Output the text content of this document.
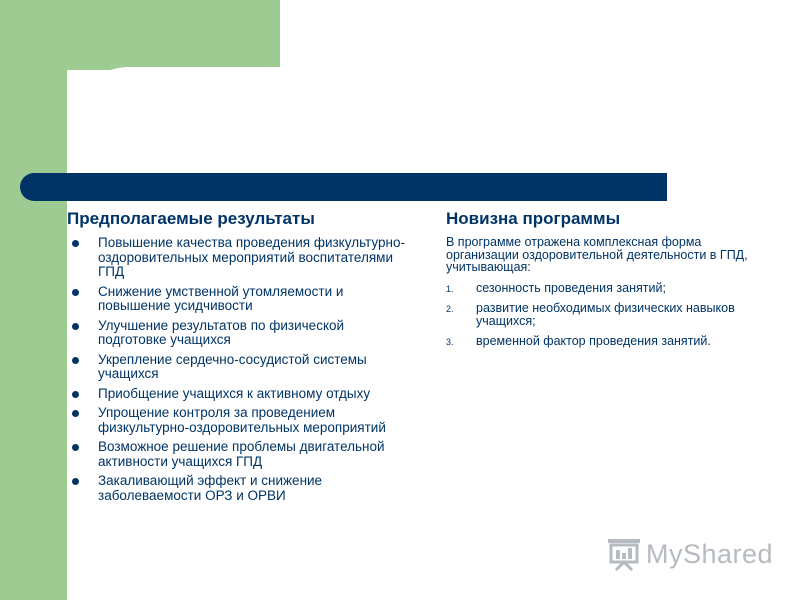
Предполагаемые результаты
Повышение качества проведения физкультурно-оздоровительных мероприятий воспитателями ГПД
Снижение умственной утомляемости и повышение усидчивости
Улучшение результатов по физической подготовке учащихся
Укрепление сердечно-сосудистой системы учащихся
Приобщение учащихся к активному отдыху
Упрощение контроля за проведением физкультурно-оздоровительных мероприятий
Возможное решение проблемы двигательной активности учащихся ГПД
Закаливающий эффект и снижение заболеваемости ОРЗ и ОРВИ
Новизна программы

В программе отражена комплексная форма организации оздоровительной деятельности в ГПД, учитывающая:

1. сезонность проведения занятий;
2. развитие необходимых физических навыков учащихся;
3. временной фактор проведения занятий.
MyShared
